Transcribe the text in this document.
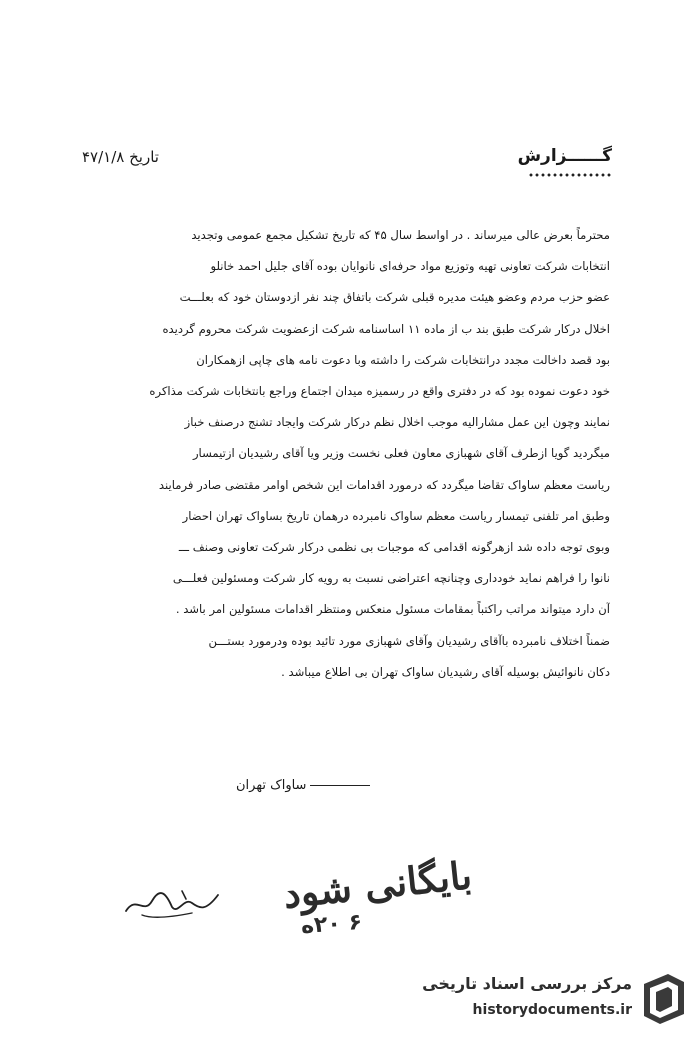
گــــــزارش
تاریخ ۴۷/۱/۸
محترماً بعرض عالی میرساند . در اواسط سال ۴۵ که تاریخ تشکیل مجمع عمومی وتجدید
انتخابات شرکت تعاونی تهیه وتوزیع مواد حرفه‌ای نانوایان بوده آقای جلیل احمد خانلو
عضو حزب مردم وعضو هیئت مدیره قبلی شرکت باتفاق چند نفر ازدوستان خود که بعلـــت
اخلال درکار شرکت طبق بند ب از ماده ۱۱ اساسنامه شرکت ازعضویت شرکت محروم گردیده
بود قصد داخالت مجدد درانتخابات شرکت را داشته وبا دعوت نامه های چاپی ازهمکاران
خود دعوت نموده بود که در دفتری واقع در رسمیزه میدان اجتماع وراجع بانتخابات شرکت مذاکره
نمایند وچون این عمل مشارالیه موجب اخلال نظم درکار شرکت وایجاد تشنج درصنف خباز
میگردید گویا ازطرف آقای شهبازی معاون فعلی نخست وزیر ویا آقای رشیدیان ازتیمسار
ریاست معظم ساواک تقاضا میگردد که درمورد اقدامات این شخص اوامر مقتضی صادر فرمایند
وطبق امر تلفنی تیمسار ریاست معظم ساواک نامبرده درهمان تاریخ بساواک تهران احضار
وبوی توجه داده شد ازهرگونه اقدامی که موجبات بی نظمی درکار شرکت تعاونی وصنف ـــ
نانوا را فراهم نماید خودداری وچنانچه اعتراضی نسبت به رویه کار شرکت ومسئولین فعلـــی
آن دارد میتواند مراتب راکتباً بمقامات مسئول منعکس ومنتظر اقدامات مسئولین امر باشد .
ضمناً اختلاف نامبرده باآقای رشیدیان وآقای شهبازی مورد تائید بوده ودرمورد بستـــن
دکان نانوائیش بوسیله آقای رشیدیان ساواک تهران بی اطلاع میباشد .
ساواک تهران
بایگانی شود
۶ ۲۰ه
مرکز بررسی اسناد تاریخی
historydocuments.ir
